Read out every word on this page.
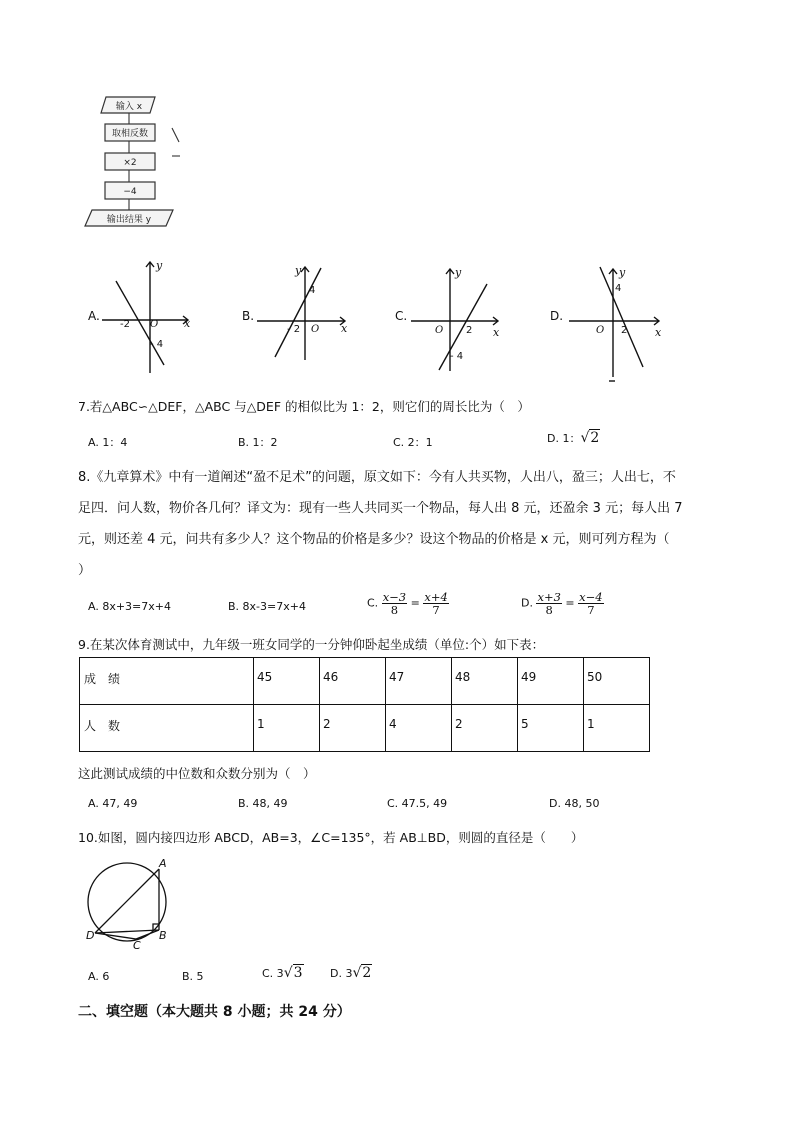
输入 x
取相反数
×2
−4
输出结果 y
A.
-2 O x
y
- 4
B.
4
- 2 O x
y
C.
O 2 x
y
- 4
D.
4
O 2	x
y
7.若△ABC∽△DEF，△ABC 与△DEF 的相似比为 1：2，则它们的周长比为（　）
A. 1：4	B. 1：2	C. 2：1	D. 1：√2

8.《九章算术》中有一道阐述“盈不足术”的问题，原文如下：今有人共买物，人出八，盈三；人出七，不

足四．问人数，物价各几何？译文为：现有一些人共同买一个物品，每人出 8 元，还盈余 3 元；每人出 7

元，则还差 4 元，问共有多少人？这个物品的价格是多少？设这个物品的价格是 x 元，则可列方程为（

）

A. 8x+3=7x+4	B. 8x-3=7x+4	C. $\frac{x-3}{8} = \frac{x+4}{7}$	D. $\frac{x+3}{8} = \frac{x-4}{7}$
9.在某次体育测试中，九年级一班女同学的一分钟仰卧起坐成绩（单位:个）如下表：
成　绩	45	46	47	48	49	50
人　数	1	2	4	2	5	1
这此测试成绩的中位数和众数分别为（　）
A. 47, 49	B. 48, 49	C. 47.5, 49	D. 48, 50
10.如图，圆内接四边形 ABCD，AB=3，∠C=135°，若 AB⊥BD，则圆的直径是（　　）
A
B
C
D
A. 6	B. 5	C. 3√3 D. 3√2
二、填空题（本大题共 8 小题；共 24 分）
